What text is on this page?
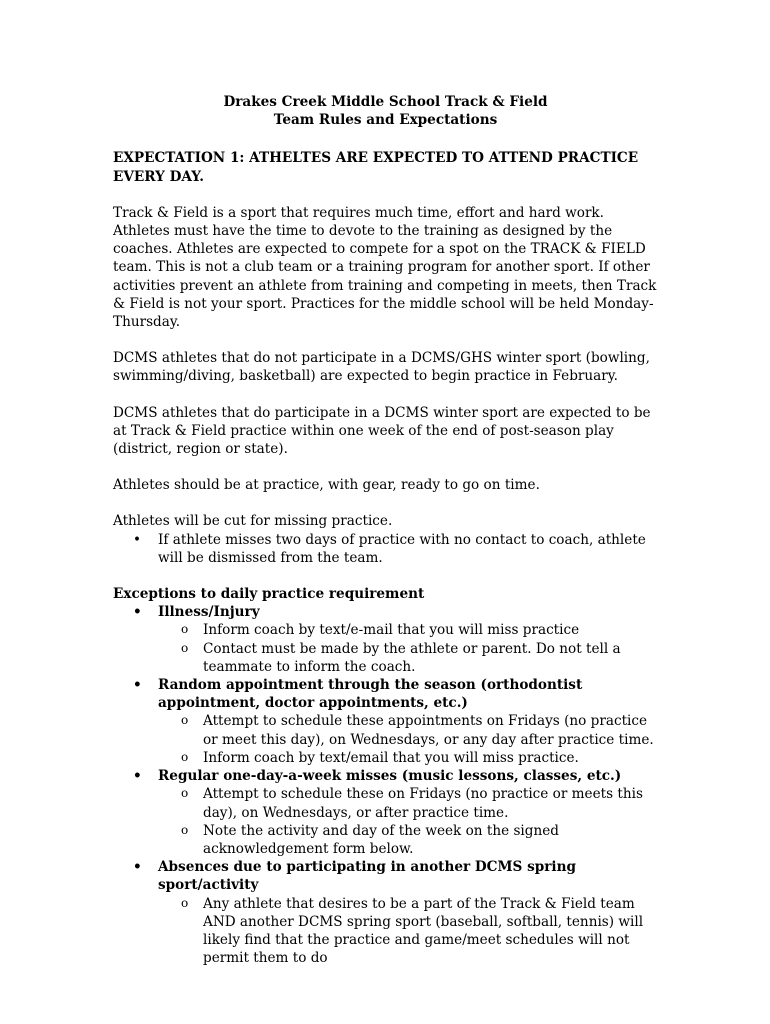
Drakes Creek Middle School Track & Field
Team Rules and Expectations
EXPECTATION 1: ATHELTES ARE EXPECTED TO ATTEND PRACTICE EVERY DAY.

Track & Field is a sport that requires much time, effort and hard work. Athletes must have the time to devote to the training as designed by the coaches. Athletes are expected to compete for a spot on the TRACK & FIELD team. This is not a club team or a training program for another sport. If other activities prevent an athlete from training and competing in meets, then Track & Field is not your sport. Practices for the middle school will be held Monday-Thursday.

DCMS athletes that do not participate in a DCMS/GHS winter sport (bowling, swimming/diving, basketball) are expected to begin practice in February.

DCMS athletes that do participate in a DCMS winter sport are expected to be at Track & Field practice within one week of the end of post-season play (district, region or state).

Athletes should be at practice, with gear, ready to go on time.

Athletes will be cut for missing practice.
• If athlete misses two days of practice with no contact to coach, athlete will be dismissed from the team.
Exceptions to daily practice requirement
• Illness/Injury
o Inform coach by text/e-mail that you will miss practice
o Contact must be made by the athlete or parent. Do not tell a teammate to inform the coach.
• Random appointment through the season (orthodontist appointment, doctor appointments, etc.)
o Attempt to schedule these appointments on Fridays (no practice or meet this day), on Wednesdays, or any day after practice time.
o Inform coach by text/email that you will miss practice.
• Regular one-day-a-week misses (music lessons, classes, etc.)
o Attempt to schedule these on Fridays (no practice or meets this day), on Wednesdays, or after practice time.
o Note the activity and day of the week on the signed acknowledgement form below.
• Absences due to participating in another DCMS spring sport/activity
o Any athlete that desires to be a part of the Track & Field team AND another DCMS spring sport (baseball, softball, tennis) will likely find that the practice and game/meet schedules will not permit them to do
